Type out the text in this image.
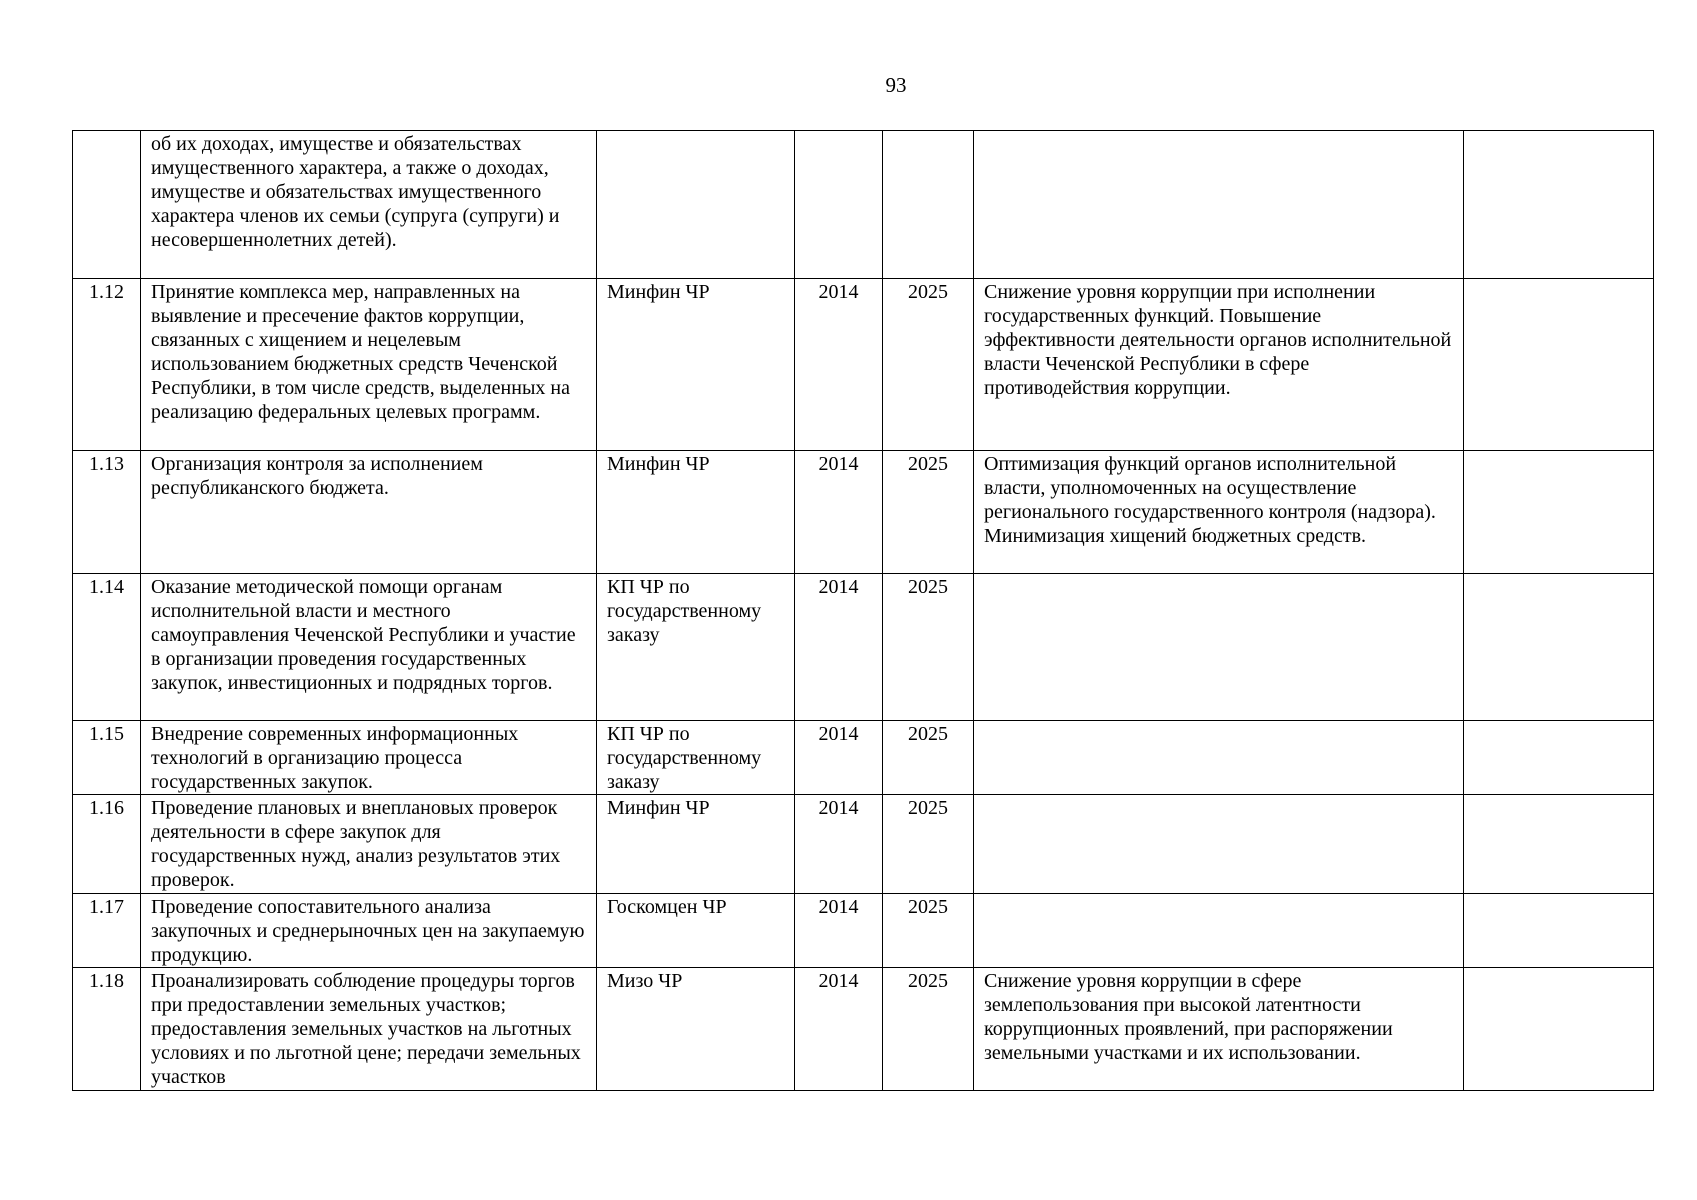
93
	об их доходах, имуществе и обязательствах имущественного характера, а также о доходах, имуществе и обязательствах имущественного характера членов их семьи (супруга (супруги) и несовершеннолетних детей).					
1.12	Принятие комплекса мер, направленных на выявление и пресечение фактов коррупции, связанных с хищением и нецелевым использованием бюджетных средств Чеченской Республики, в том числе средств, выделенных на реализацию федеральных целевых программ.	Минфин ЧР	2014	2025	Снижение уровня коррупции при исполнении государственных функций. Повышение эффективности деятельности органов исполнительной власти Чеченской Республики в сфере противодействия коррупции.	
1.13	Организация контроля за исполнением республиканского бюджета.	Минфин ЧР	2014	2025	Оптимизация функций органов исполнительной власти, уполномоченных на осуществление регионального государственного контроля (надзора). Минимизация хищений бюджетных средств.	
1.14	Оказание методической помощи органам исполнительной власти и местного самоуправления Чеченской Республики и участие в организации проведения государственных закупок, инвестиционных и подрядных торгов.	КП ЧР по государственному заказу	2014	2025		
1.15	Внедрение современных информационных технологий в организацию процесса государственных закупок.	КП ЧР по государственному заказу	2014	2025		
1.16	Проведение плановых и внеплановых проверок деятельности в сфере закупок для государственных нужд, анализ результатов этих проверок.	Минфин ЧР	2014	2025		
1.17	Проведение сопоставительного анализа закупочных и среднерыночных цен на закупаемую продукцию.	Госкомцен ЧР	2014	2025		
1.18	Проанализировать соблюдение процедуры торгов при предоставлении земельных участков; предоставления земельных участков на льготных условиях и по льготной цене; передачи земельных участков	Мизо ЧР	2014	2025	Снижение уровня коррупции в сфере землепользования при высокой латентности коррупционных проявлений, при распоряжении земельными участками и их использовании.	
